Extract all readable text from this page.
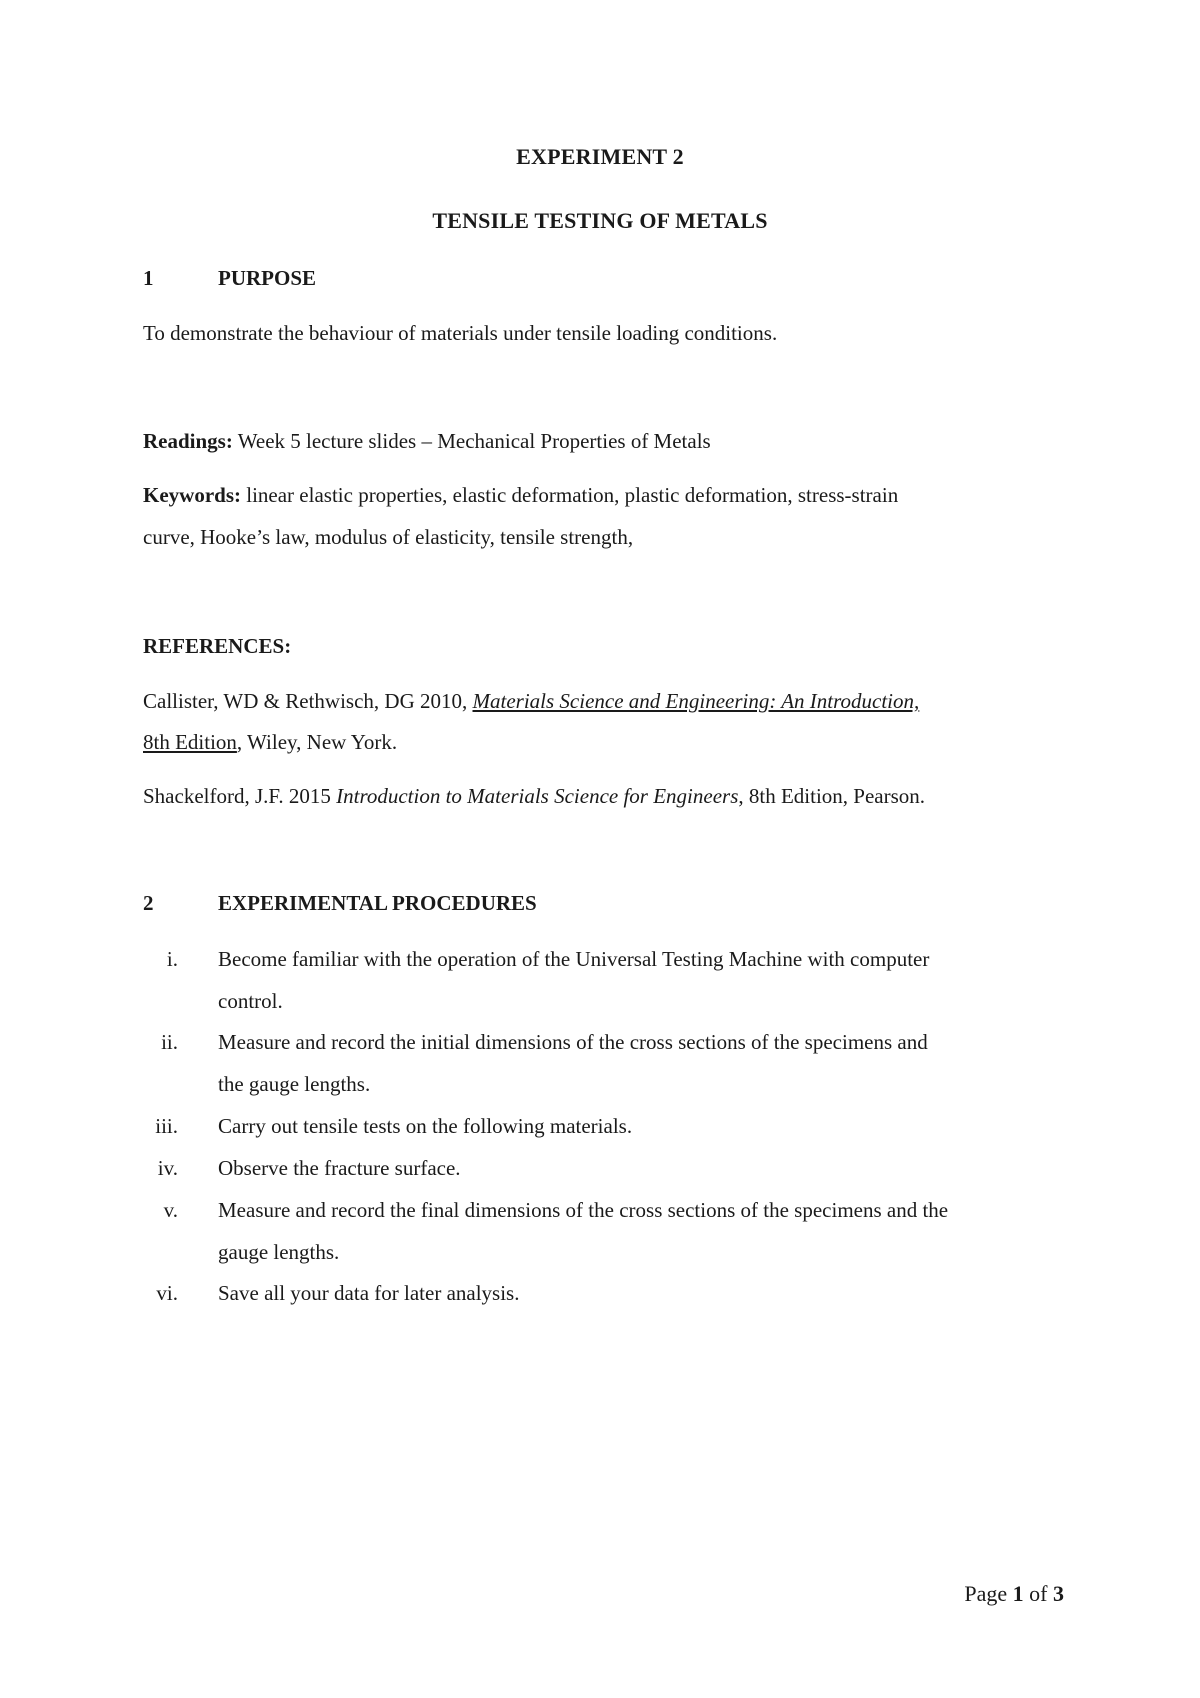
EXPERIMENT 2
TENSILE TESTING OF METALS
1	PURPOSE
To demonstrate the behaviour of materials under tensile loading conditions.
Readings: Week 5 lecture slides – Mechanical Properties of Metals
Keywords: linear elastic properties, elastic deformation, plastic deformation, stress-strain
curve, Hooke’s law, modulus of elasticity, tensile strength,
REFERENCES:
Callister, WD & Rethwisch, DG 2010, Materials Science and Engineering: An Introduction,
8th Edition, Wiley, New York.
Shackelford, J.F. 2015 Introduction to Materials Science for Engineers, 8th Edition, Pearson.
2	EXPERIMENTAL PROCEDURES
i. Become familiar with the operation of the Universal Testing Machine with computer
control.
ii. Measure and record the initial dimensions of the cross sections of the specimens and
the gauge lengths.
iii. Carry out tensile tests on the following materials.
iv. Observe the fracture surface.
v. Measure and record the final dimensions of the cross sections of the specimens and the
gauge lengths.
vi. Save all your data for later analysis.
Page 1 of 3
